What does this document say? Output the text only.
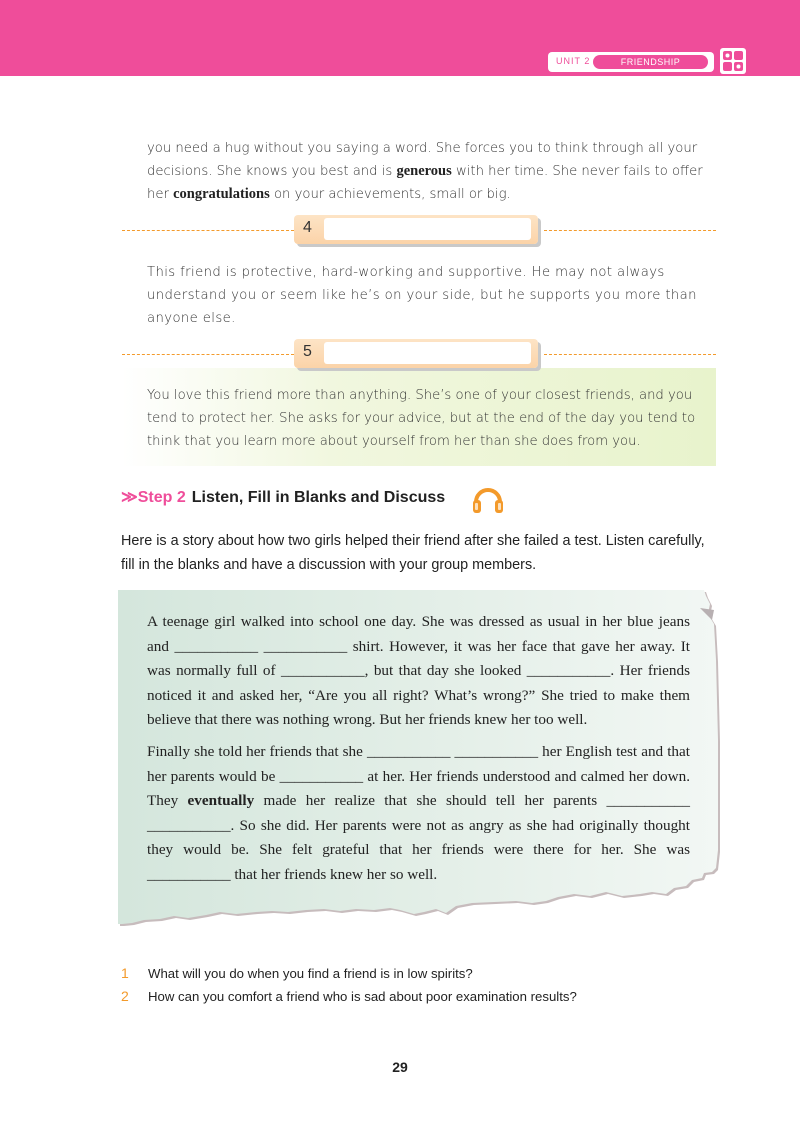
UNIT 2	FRIENDSHIP
you need a hug without you saying a word. She forces you to think through all your decisions. She knows you best and is generous with her time. She never fails to offer her congratulations on your achievements, small or big.
4
This friend is protective, hard-working and supportive. He may not always understand you or seem like he’s on your side, but he supports you more than anyone else.
5
You love this friend more than anything. She’s one of your closest friends, and you tend to protect her. She asks for your advice, but at the end of the day you tend to think that you learn more about yourself from her than she does from you.
≫Step 2 Listen, Fill in Blanks and Discuss
Here is a story about how two girls helped their friend after she failed a test. Listen carefully, fill in the blanks and have a discussion with your group members.
A teenage girl walked into school one day. She was dressed as usual in her blue jeans and ___________ ___________ shirt. However, it was her face that gave her away. It was normally full of ___________, but that day she looked ___________. Her friends noticed it and asked her, “Are you all right? What’s wrong?” She tried to make them believe that there was nothing wrong. But her friends knew her too well.
Finally she told her friends that she ___________ ___________ her English test and that her parents would be ___________ at her. Her friends understood and calmed her down. They eventually made her realize that she should tell her parents ___________ ___________. So she did. Her parents were not as angry as she had originally thought they would be. She felt grateful that her friends were there for her. She was ___________ that her friends knew her so well.
1 What will you do when you find a friend is in low spirits?
2 How can you comfort a friend who is sad about poor examination results?
29
